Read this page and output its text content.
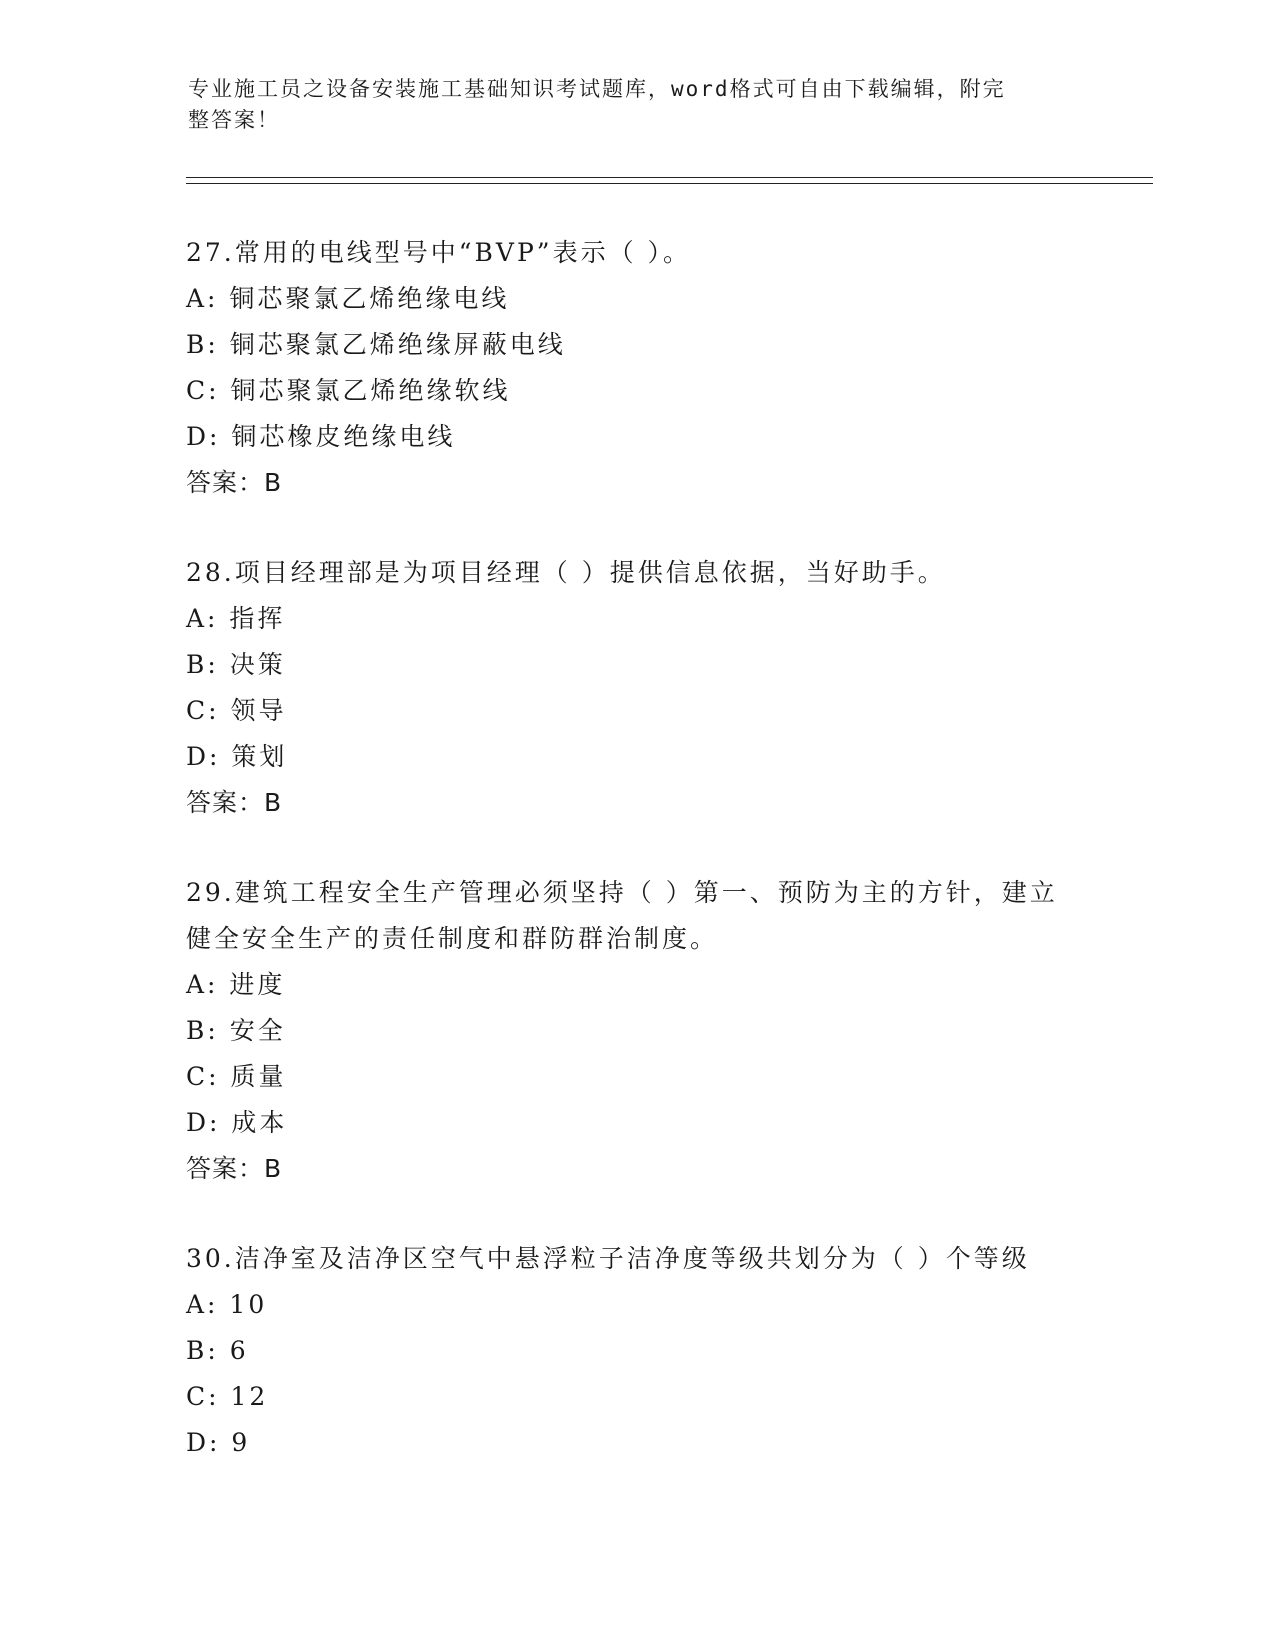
专业施工员之设备安装施工基础知识考试题库，word格式可自由下载编辑，附完
整答案！
27.常用的电线型号中“BVP”表示（ ）。
A: 铜芯聚氯乙烯绝缘电线
B: 铜芯聚氯乙烯绝缘屏蔽电线
C: 铜芯聚氯乙烯绝缘软线
D: 铜芯橡皮绝缘电线
答案：B
28.项目经理部是为项目经理（ ）提供信息依据，当好助手。
A: 指挥
B: 决策
C: 领导
D: 策划
答案：B
29.建筑工程安全生产管理必须坚持（ ）第一、预防为主的方针，建立健全安全生产的责任制度和群防群治制度。
A: 进度
B: 安全
C: 质量
D: 成本
答案：B
30.洁净室及洁净区空气中悬浮粒子洁净度等级共划分为（ ）个等级
A: 10
B: 6
C: 12
D: 9
